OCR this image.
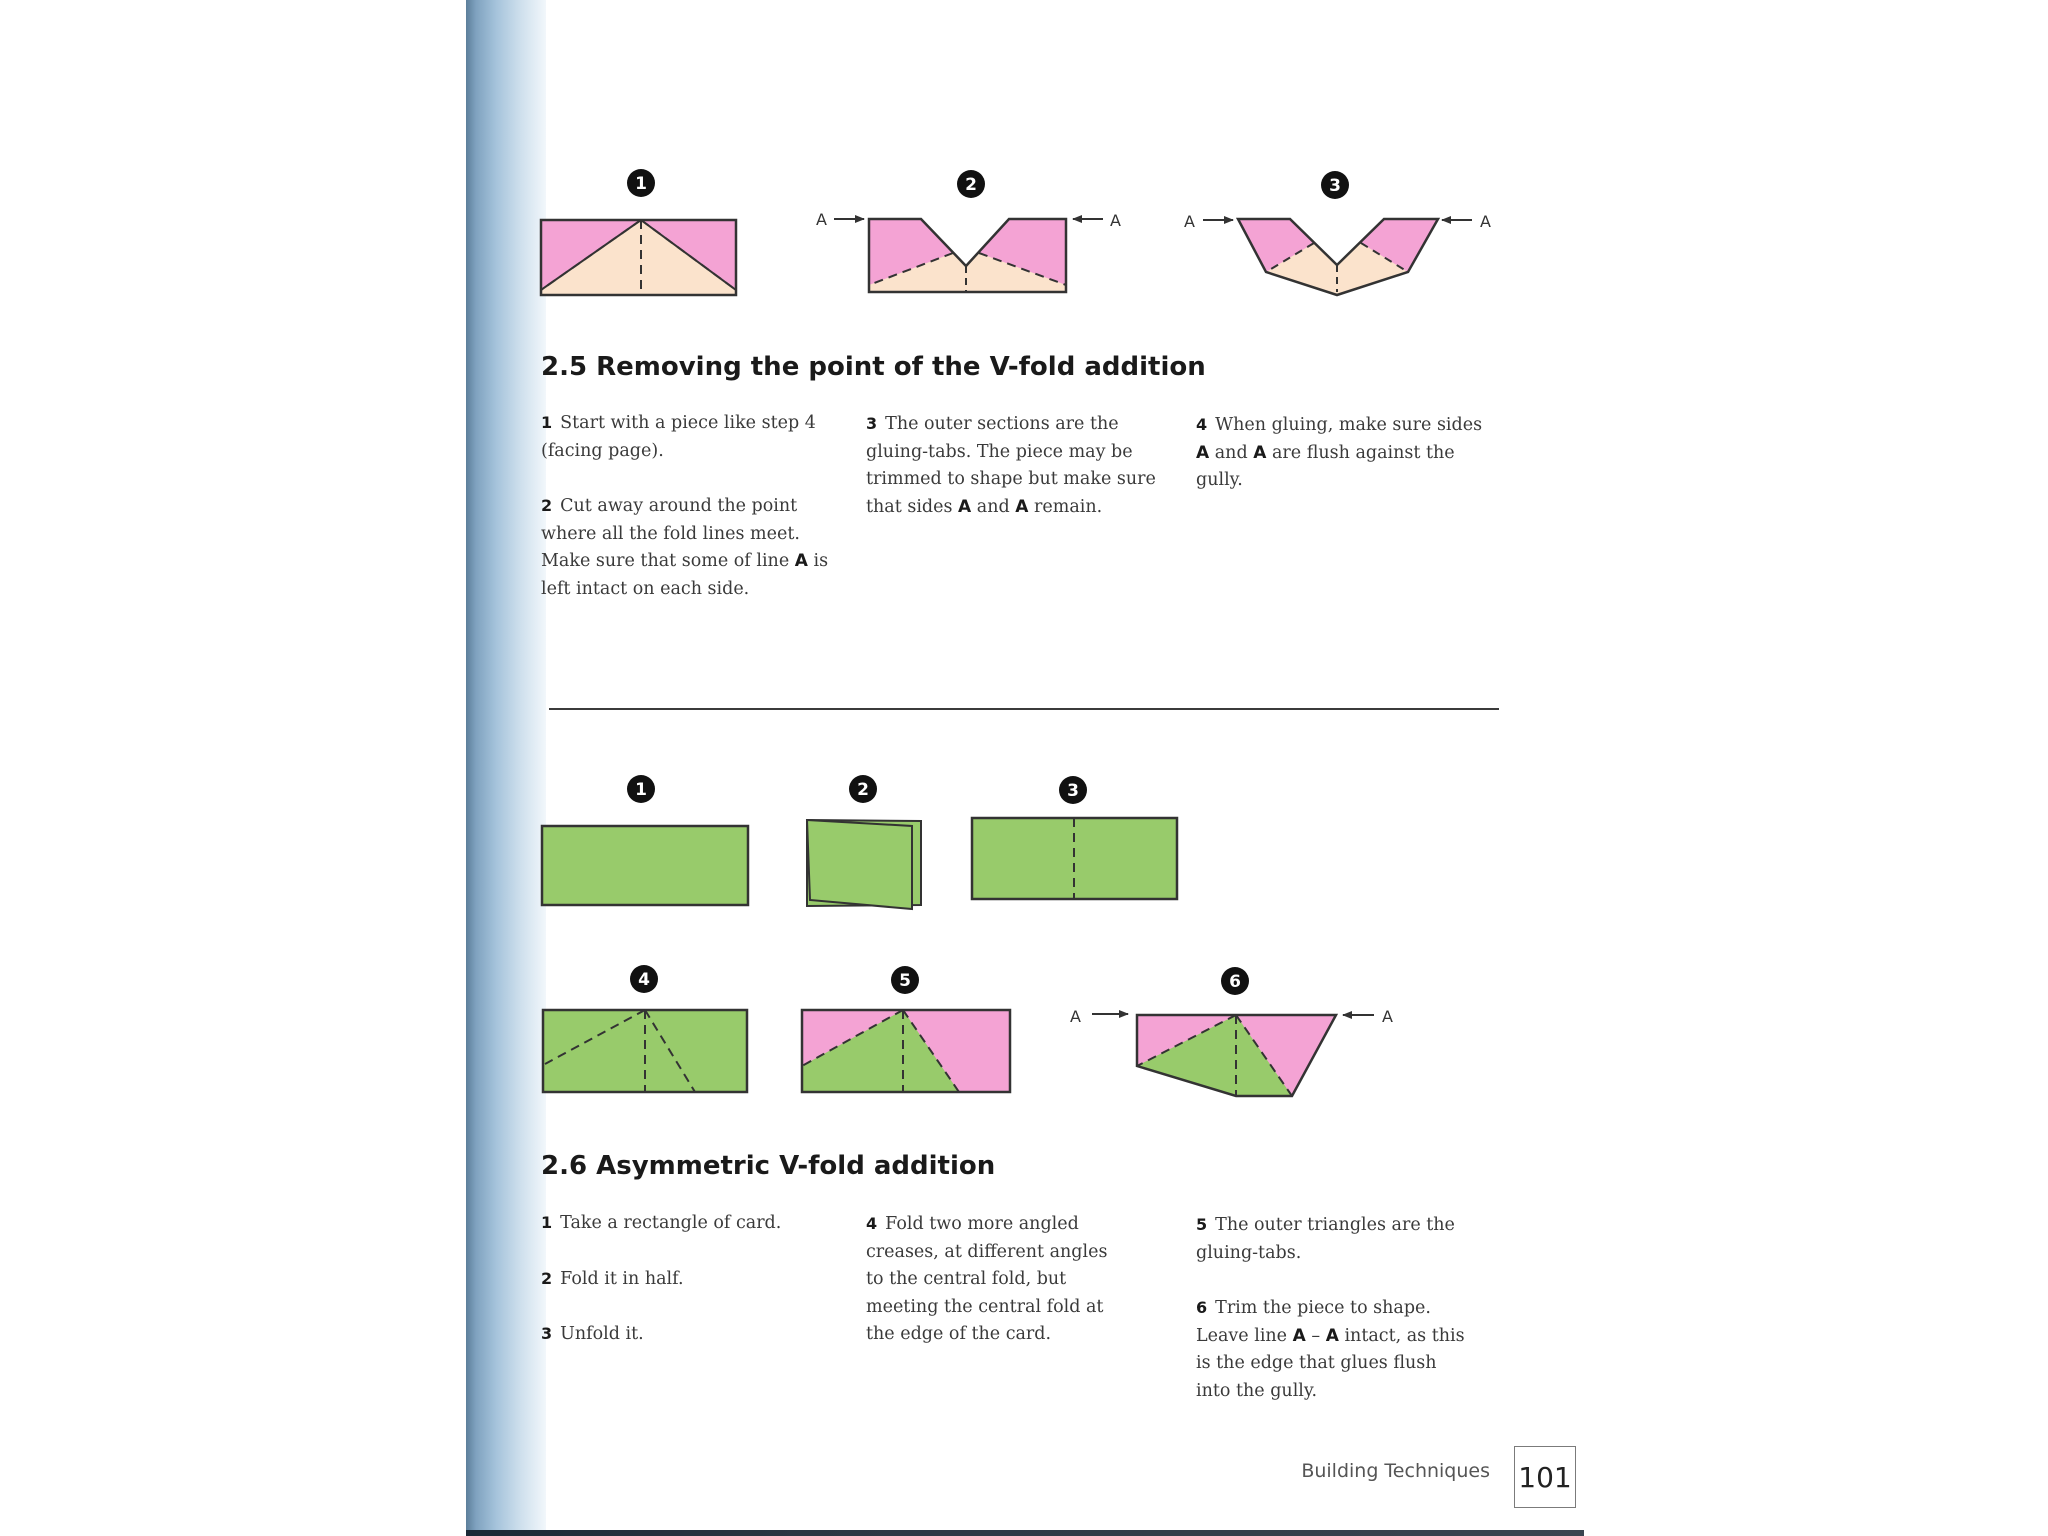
1	2	3
A	A	A	A
1	2	3
4	5	6
A	A
2.5 Removing the point of the V-fold addition

1 Start with a piece like step 4 (facing page).

2 Cut away around the point where all the fold lines meet. Make sure that some of line A is left intact on each side.

3 The outer sections are the gluing-tabs. The piece may be trimmed to shape but make sure that sides A and A remain.

4 When gluing, make sure sides A and A are flush against the gully.

2.6 Asymmetric V-fold addition

1 Take a rectangle of card.

2 Fold it in half.

3 Unfold it.

4 Fold two more angled creases, at different angles to the central fold, but meeting the central fold at the edge of the card.

5 The outer triangles are the gluing-tabs.

6 Trim the piece to shape. Leave line A – A intact, as this is the edge that glues flush into the gully.

Building Techniques 101
